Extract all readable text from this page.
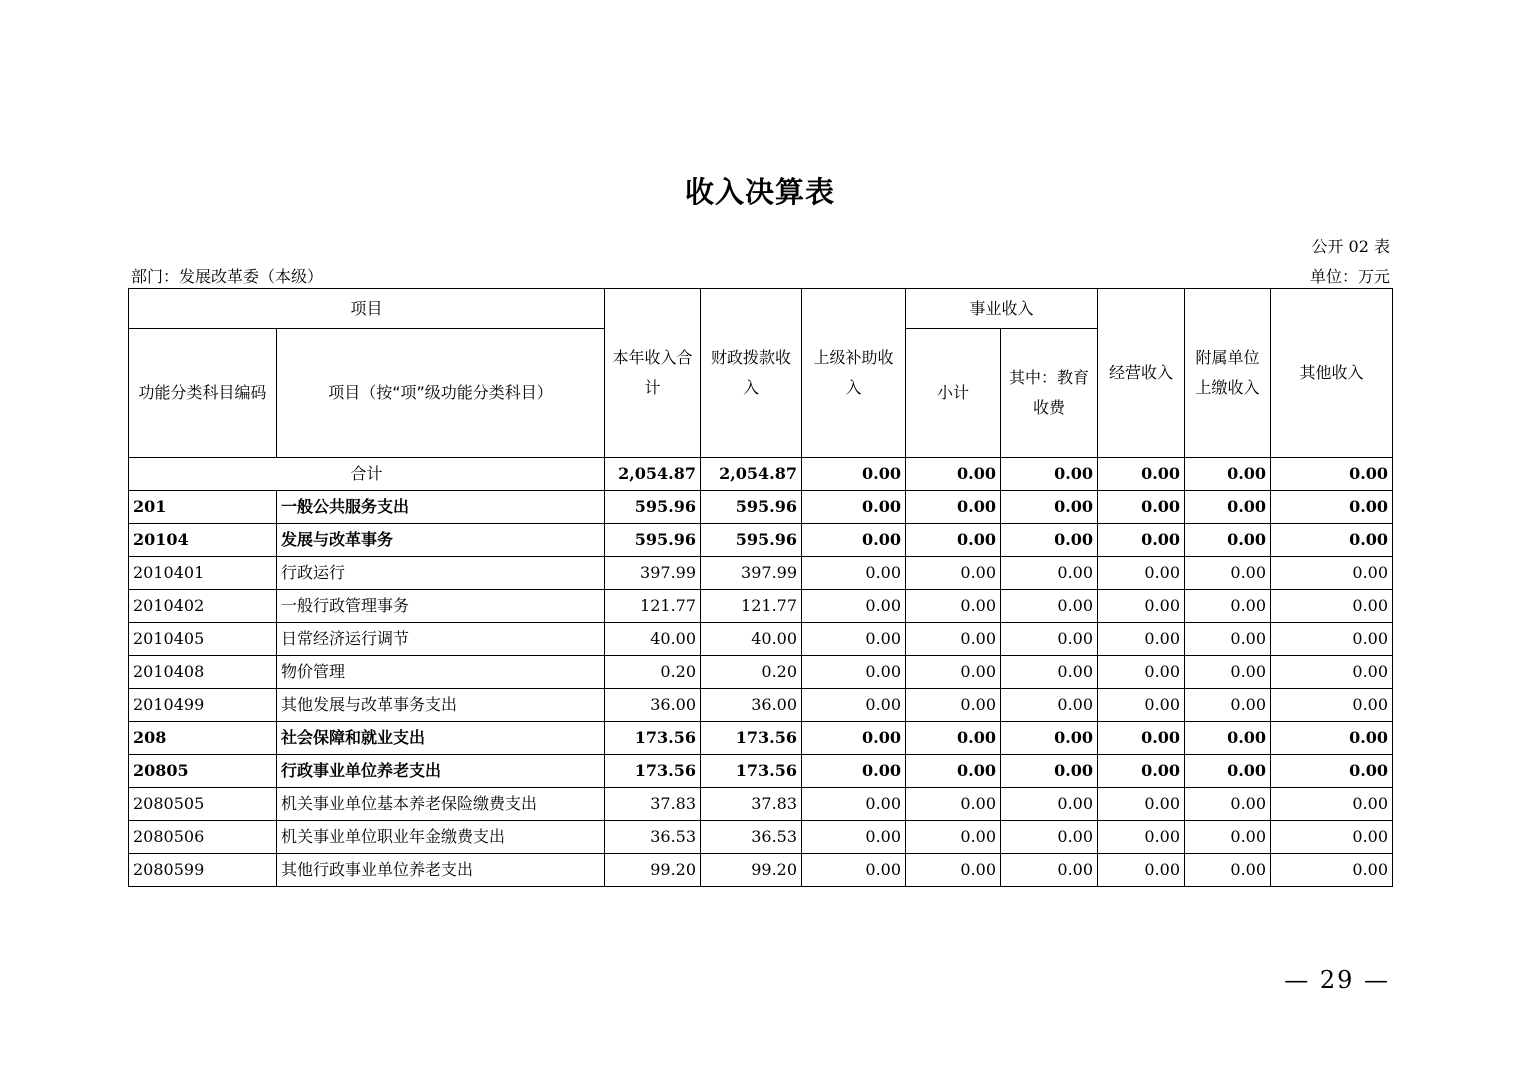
收入决算表
公开 02 表
部门：发展改革委（本级）	单位：万元
项目		本年收入合计	财政拨款收入	上级补助收入	事业收入		经营收入	附属单位上缴收入	其他收入
功能分类科目编码	项目（按“项”级功能分类科目）				小计	其中：教育收费			
合计		2,054.87	2,054.87	0.00	0.00	0.00	0.00	0.00	0.00
201	一般公共服务支出	595.96	595.96	0.00	0.00	0.00	0.00	0.00	0.00
20104	发展与改革事务	595.96	595.96	0.00	0.00	0.00	0.00	0.00	0.00
2010401	行政运行	397.99	397.99	0.00	0.00	0.00	0.00	0.00	0.00
2010402	一般行政管理事务	121.77	121.77	0.00	0.00	0.00	0.00	0.00	0.00
2010405	日常经济运行调节	40.00	40.00	0.00	0.00	0.00	0.00	0.00	0.00
2010408	物价管理	0.20	0.20	0.00	0.00	0.00	0.00	0.00	0.00
2010499	其他发展与改革事务支出	36.00	36.00	0.00	0.00	0.00	0.00	0.00	0.00
208	社会保障和就业支出	173.56	173.56	0.00	0.00	0.00	0.00	0.00	0.00
20805	行政事业单位养老支出	173.56	173.56	0.00	0.00	0.00	0.00	0.00	0.00
2080505	机关事业单位基本养老保险缴费支出	37.83	37.83	0.00	0.00	0.00	0.00	0.00	0.00
2080506	机关事业单位职业年金缴费支出	36.53	36.53	0.00	0.00	0.00	0.00	0.00	0.00
2080599	其他行政事业单位养老支出	99.20	99.20	0.00	0.00	0.00	0.00	0.00	0.00
— 29 —
